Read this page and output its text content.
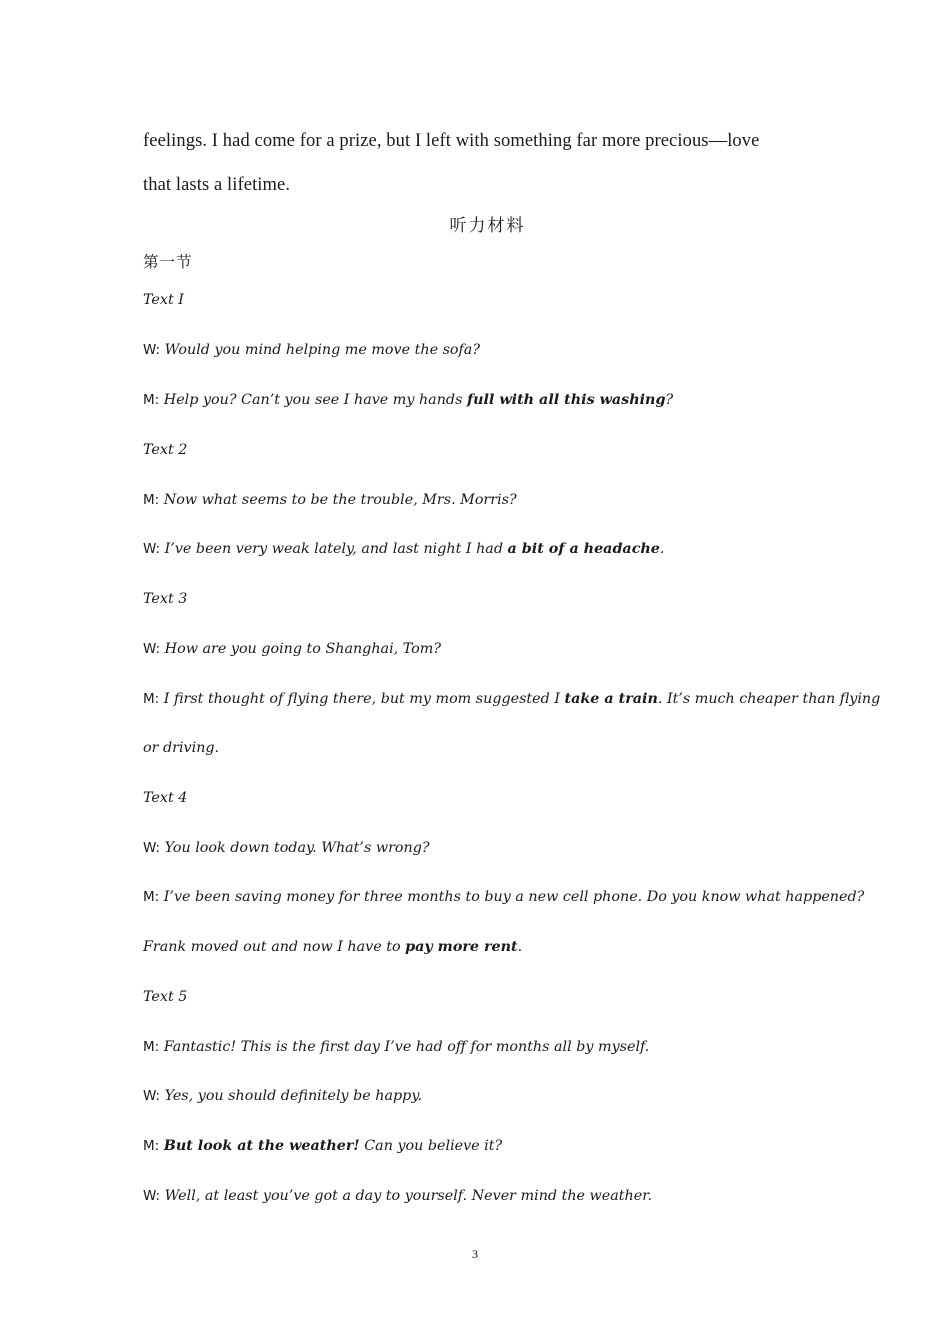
feelings. I had come for a prize, but I left with something far more precious—love
that lasts a lifetime.
听力材料
第一节
Text I
W: Would you mind helping me move the sofa?
M: Help you? Can’t you see I have my hands full with all this washing?
Text 2
M: Now what seems to be the trouble, Mrs. Morris?
W: I’ve been very weak lately, and last night I had a bit of a headache.
Text 3
W: How are you going to Shanghai, Tom?
M: I first thought of flying there, but my mom suggested I take a train. It’s much cheaper than flying
or driving.
Text 4
W: You look down today. What’s wrong?
M: I’ve been saving money for three months to buy a new cell phone. Do you know what happened?
Frank moved out and now I have to pay more rent.
Text 5
M: Fantastic! This is the first day I’ve had off for months all by myself.
W: Yes, you should definitely be happy.
M: But look at the weather! Can you believe it?
W: Well, at least you’ve got a day to yourself. Never mind the weather.
3
